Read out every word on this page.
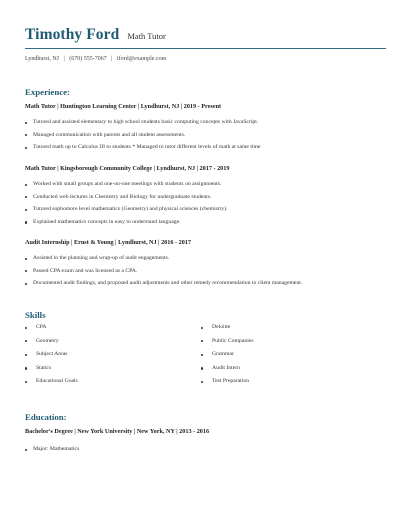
Timothy Ford Math Tutor
Lyndhurst, NJ | (670) 555-7067 | tford@example.com
Experience:
Math Tutor | Huntington Learning Center | Lyndhurst, NJ | 2019 - Present
Tutored and assisted elementary to high school students basic computing concepts with JavaScript.
Managed communication with parents and all student assessments.
Tutored math up to Calculus III to students * Managed to tutor different levels of math at same time
Math Tutor | Kingsborough Community College | Lyndhurst, NJ | 2017 - 2019
Worked with small groups and one-on-one meetings with students on assignments.
Conducted web lectures in Chemistry and Biology for undergraduate students.
Tutored sophomore level mathematics (Geometry) and physical sciences (chemistry).
Explained mathematics concepts in easy to understand language.
Audit Internship | Ernst & Young | Lyndhurst, NJ | 2016 - 2017
Assisted in the planning and wrap-up of audit engagements.
Passed CPA exam and was licensed as a CPA.
Documented audit findings, and proposed audit adjustments and other remedy recommendation to client management.
Skills
CPA
Geometry
Subject Areas
Statics
Educational Goals
Deloitte
Public Companies
Grammar
Audit Intern
Test Preparation
Education:
Bachelor's Degree | New York University | New York, NY | 2013 - 2016
Major: Mathematics
